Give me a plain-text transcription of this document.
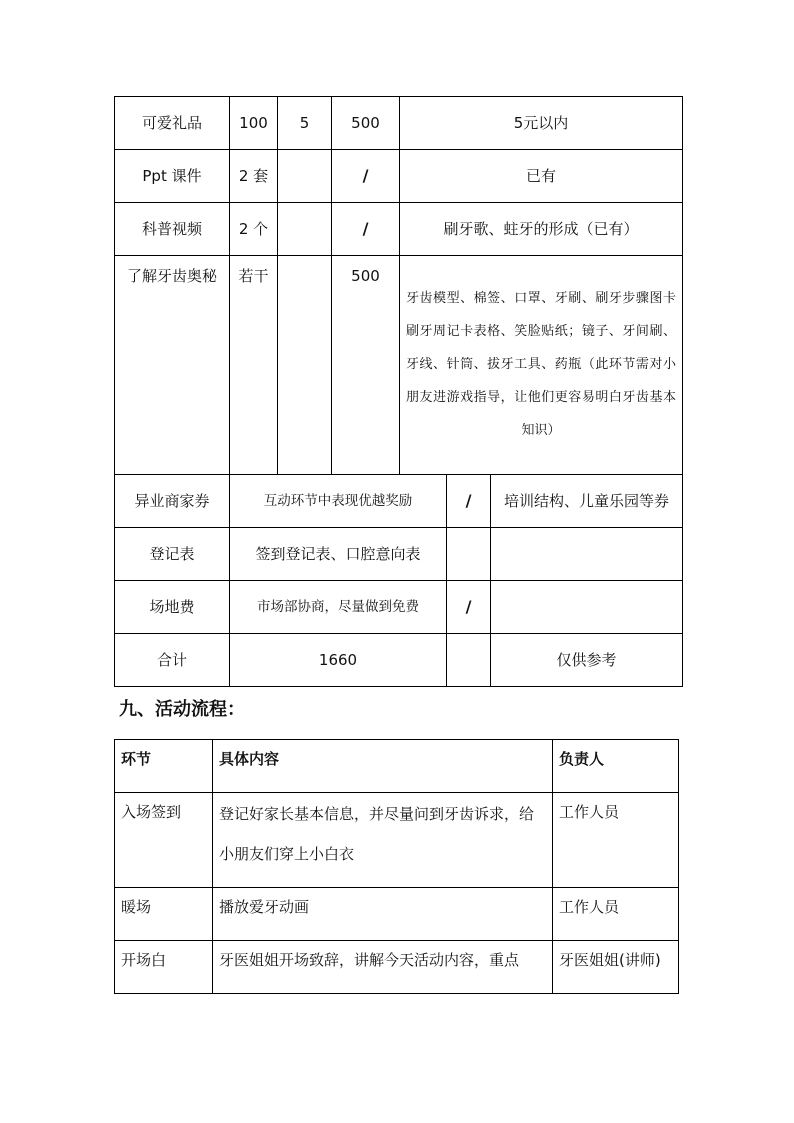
可爱礼品	100	5	500	5元以内		
Ppt 课件	2 套		/	已有		
科普视频	2 个		/	刷牙歌、蛀牙的形成（已有）		
了解牙齿奥秘	若干		500	牙齿模型、棉签、口罩、牙刷、刷牙步骤图卡刷牙周记卡表格、笑脸贴纸；镜子、牙间刷、牙线、针筒、拔牙工具、药瓶（此环节需对小朋友进游戏指导，让他们更容易明白牙齿基本知识）		
异业商家券	互动环节中表现优越奖励				/	培训结构、儿童乐园等券
登记表	签到登记表、口腔意向表					
场地费	市场部协商，尽量做到免费				/	
合计	1660					仅供参考
九、活动流程：
环节	具体内容	负责人
入场签到	登记好家长基本信息，并尽量问到牙齿诉求，给小朋友们穿上小白衣	工作人员
暖场	播放爱牙动画	工作人员
开场白	牙医姐姐开场致辞，讲解今天活动内容，重点	牙医姐姐(讲师)
